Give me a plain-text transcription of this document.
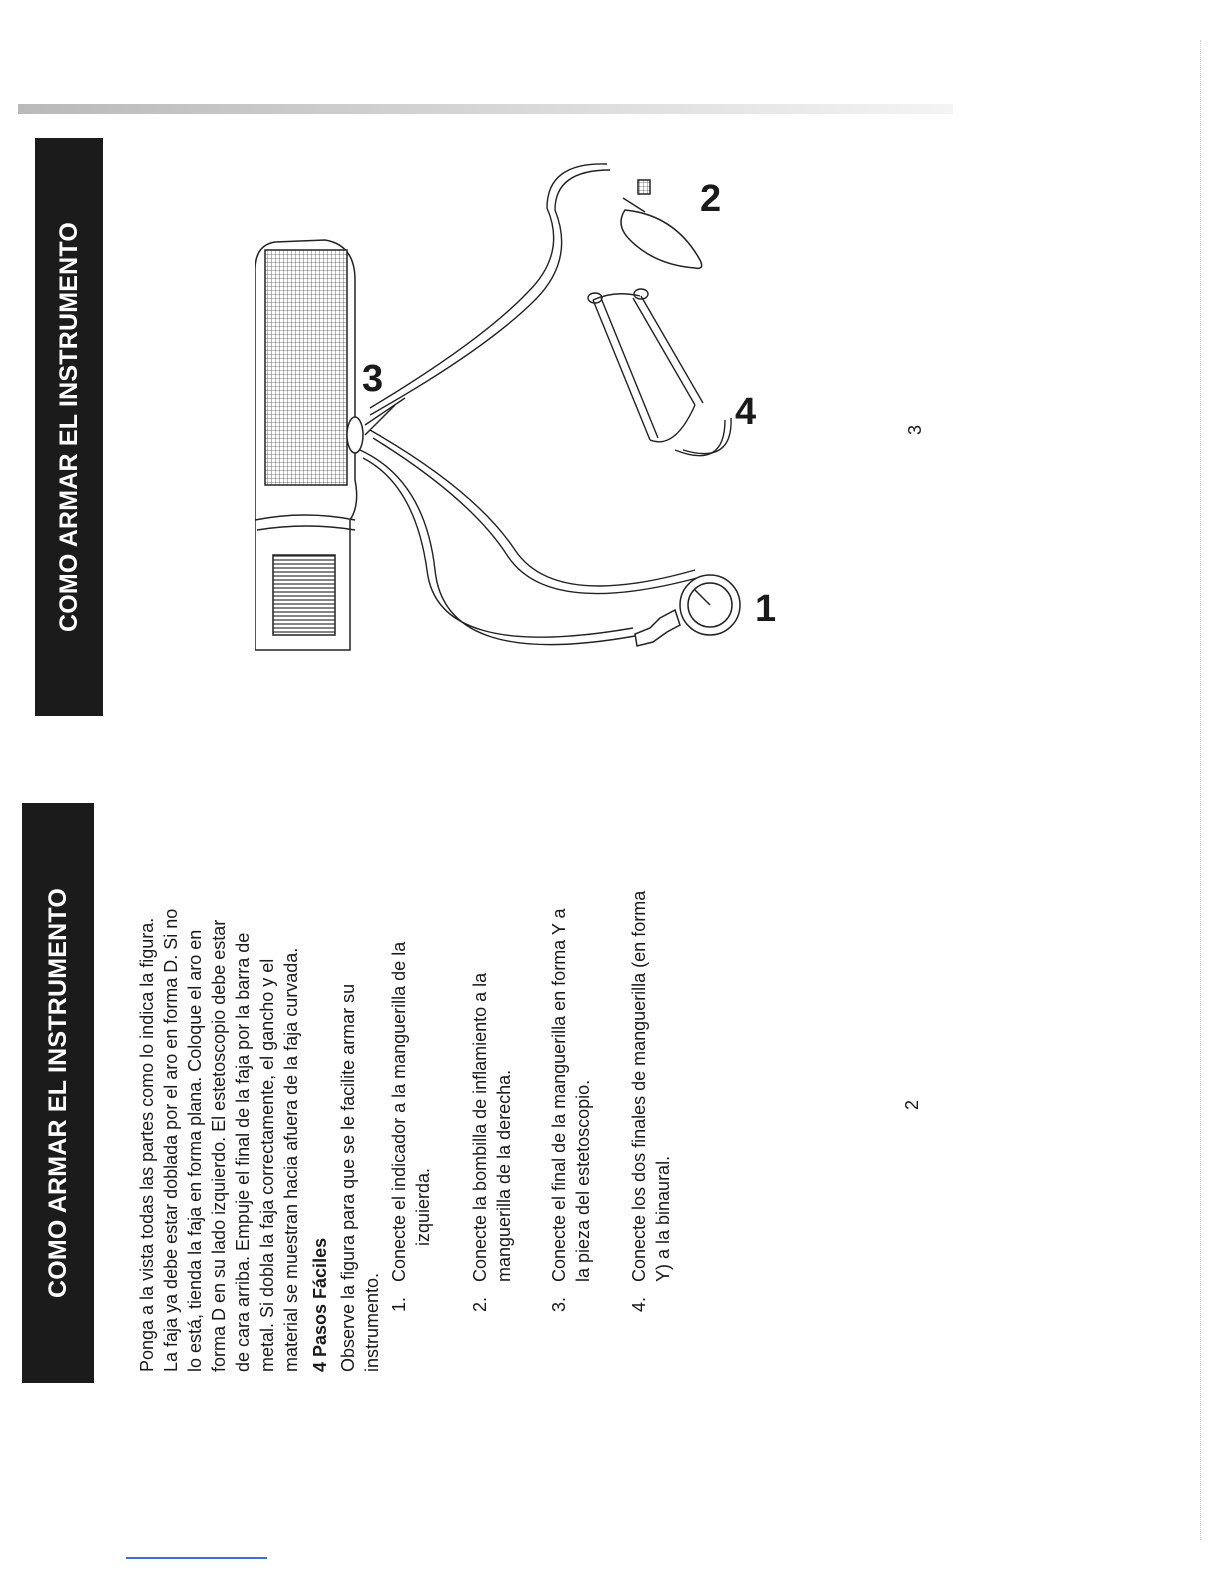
COMO ARMAR EL INSTRUMENTO	Ponga a la vista todas las partes como lo indica la figura. La faja ya debe estar doblada por el aro en forma D. Si no lo está, tienda la faja en forma plana. Coloque el aro en forma D en su lado izquierdo. El estetoscopio debe estar de cara arriba. Empuje el final de la faja por la barra de metal. Si dobla la faja correctamente, el gancho y el material se muestran hacia afuera de la faja curvada. 4 Pasos Fáciles Observe la figura para que se le facilite armar su instrumento. 1.
Conecte el indicador a la manguerilla de la izquierda.
2.
Conecte la bombilla de inflamiento a la manguerilla de la derecha.
3.
Conecte el final de la manguerilla en forma Y a la pieza del estetoscopio.
4.
Conecte los dos finales de manguerilla (en forma Y) a la binaural.
2
COMO ARMAR EL INSTRUMENTO	1
2
3
4	3
